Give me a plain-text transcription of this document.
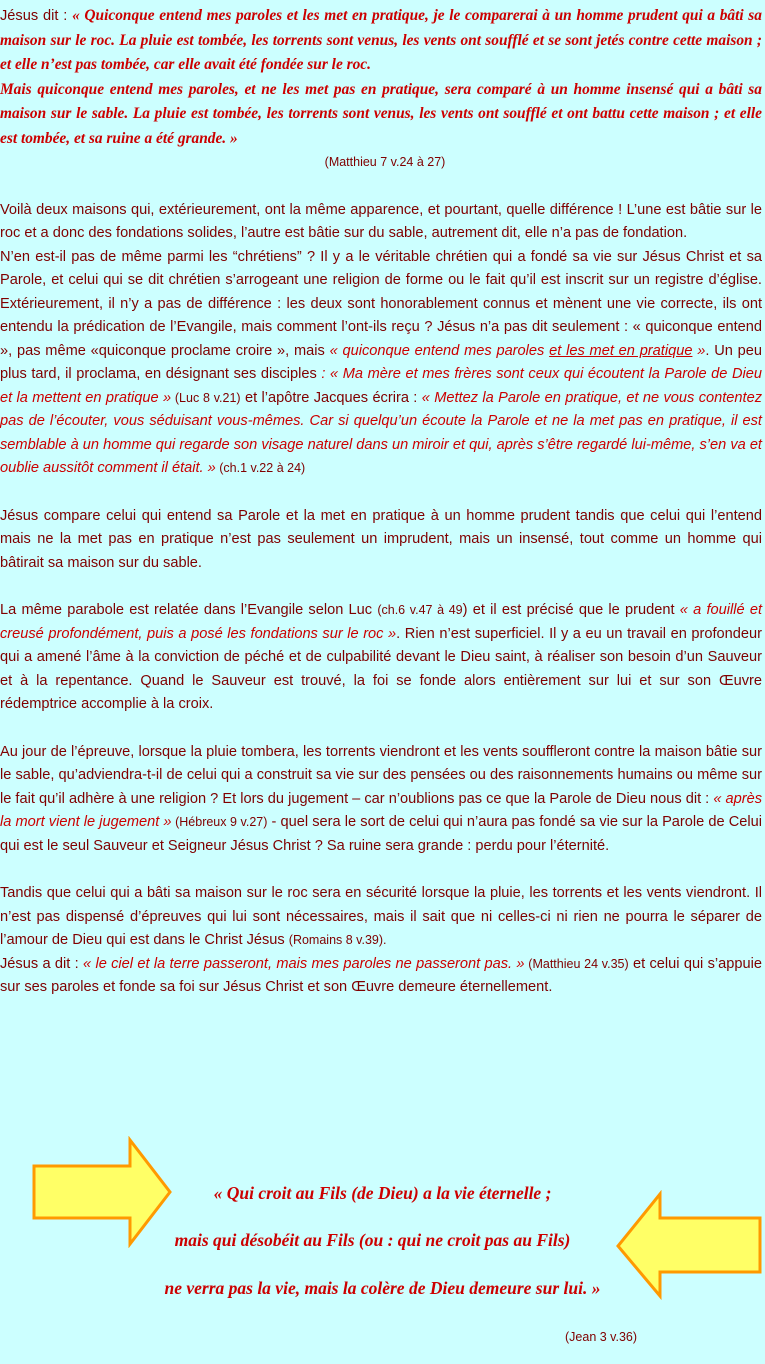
Jésus dit : « Quiconque entend mes paroles et les met en pratique, je le comparerai à un homme prudent qui a bâti sa maison sur le roc. La pluie est tombée, les torrents sont venus, les vents ont soufflé et se sont jetés contre cette maison ; et elle n’est pas tombée, car elle avait été fondée sur le roc.

Mais quiconque entend mes paroles, et ne les met pas en pratique, sera comparé à un homme insensé qui a bâti sa maison sur le sable. La pluie est tombée, les torrents sont venus, les vents ont soufflé et ont battu cette maison ; et elle est tombée, et sa ruine a été grande. »

(Matthieu 7 v.24 à 27)

Voilà deux maisons qui, extérieurement, ont la même apparence, et pourtant, quelle différence ! L’une est bâtie sur le roc et a donc des fondations solides, l’autre est bâtie sur du sable, autrement dit, elle n’a pas de fondation.

N’en est-il pas de même parmi les “chrétiens” ? Il y a le véritable chrétien qui a fondé sa vie sur Jésus Christ et sa Parole, et celui qui se dit chrétien s’arrogeant une religion de forme ou le fait qu’il est inscrit sur un registre d’église. Extérieurement, il n’y a pas de différence : les deux sont honorablement connus et mènent une vie correcte, ils ont entendu la prédication de l’Evangile, mais comment l’ont-ils reçu ? Jésus n’a pas dit seulement : « quiconque entend », pas même «quiconque proclame croire », mais « quiconque entend mes paroles et les met en pratique ». Un peu plus tard, il proclama, en désignant ses disciples : « Ma mère et mes frères sont ceux qui écoutent la Parole de Dieu et la mettent en pratique » (Luc 8 v.21) et l’apôtre Jacques écrira : « Mettez la Parole en pratique, et ne vous contentez pas de l’écouter, vous séduisant vous-mêmes. Car si quelqu’un écoute la Parole et ne la met pas en pratique, il est semblable à un homme qui regarde son visage naturel dans un miroir et qui, après s’être regardé lui-même, s’en va et oublie aussitôt comment il était. » (ch.1 v.22 à 24)

Jésus compare celui qui entend sa Parole et la met en pratique à un homme prudent tandis que celui qui l’entend mais ne la met pas en pratique n’est pas seulement un imprudent, mais un insensé, tout comme un homme qui bâtirait sa maison sur du sable.

La même parabole est relatée dans l’Evangile selon Luc (ch.6 v.47 à 49) et il est précisé que le prudent « a fouillé et creusé profondément, puis a posé les fondations sur le roc ». Rien n’est superficiel. Il y a eu un travail en profondeur qui a amené l’âme à la conviction de péché et de culpabilité devant le Dieu saint, à réaliser son besoin d’un Sauveur et à la repentance. Quand le Sauveur est trouvé, la foi se fonde alors entièrement sur lui et sur son Œuvre rédemptrice accomplie à la croix.

Au jour de l’épreuve, lorsque la pluie tombera, les torrents viendront et les vents souffleront contre la maison bâtie sur le sable, qu’adviendra-t-il de celui qui a construit sa vie sur des pensées ou des raisonnements humains ou même sur le fait qu’il adhère à une religion ? Et lors du jugement – car n’oublions pas ce que la Parole de Dieu nous dit : « après la mort vient le jugement » (Hébreux 9 v.27) - quel sera le sort de celui qui n’aura pas fondé sa vie sur la Parole de Celui qui est le seul Sauveur et Seigneur Jésus Christ ? Sa ruine sera grande : perdu pour l’éternité.

Tandis que celui qui a bâti sa maison sur le roc sera en sécurité lorsque la pluie, les torrents et les vents viendront. Il n’est pas dispensé d’épreuves qui lui sont nécessaires, mais il sait que ni celles-ci ni rien ne pourra le séparer de l’amour de Dieu qui est dans le Christ Jésus (Romains 8 v.39).

Jésus a dit : « le ciel et la terre passeront, mais mes paroles ne passeront pas. » (Matthieu 24 v.35) et celui qui s’appuie sur ses paroles et fonde sa foi sur Jésus Christ et son Œuvre demeure éternellement.

« Qui croit au Fils (de Dieu) a la vie éternelle ;
mais qui désobéit au Fils (ou : qui ne croit pas au Fils)
ne verra pas la vie, mais la colère de Dieu demeure sur lui. »
(Jean 3 v.36)
